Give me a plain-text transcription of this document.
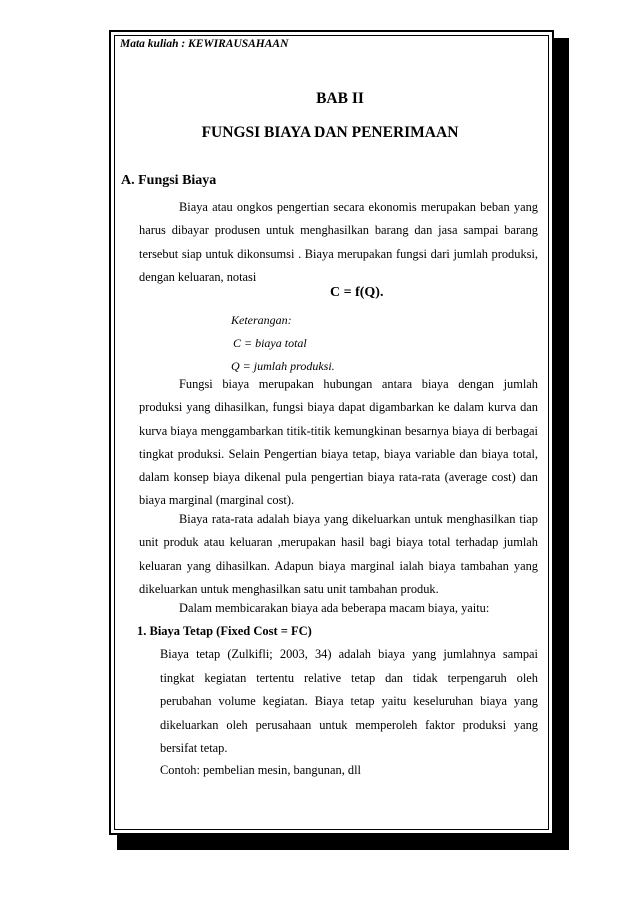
Mata kuliah : KEWIRAUSAHAAN
BAB II
FUNGSI BIAYA DAN PENERIMAAN
A. Fungsi Biaya

Biaya atau ongkos pengertian secara ekonomis merupakan beban yang harus dibayar produsen untuk menghasilkan barang dan jasa sampai barang tersebut siap untuk dikonsumsi . Biaya merupakan fungsi dari jumlah produksi, dengan keluaran, notasi

C = f(Q).
Keterangan:
C = biaya total
Q = jumlah produksi.

Fungsi biaya merupakan hubungan antara biaya dengan jumlah produksi yang dihasilkan, fungsi biaya dapat digambarkan ke dalam kurva dan kurva biaya menggambarkan titik-titik kemungkinan besarnya biaya di berbagai tingkat produksi. Selain Pengertian biaya tetap, biaya variable dan biaya total, dalam konsep biaya dikenal pula pengertian biaya rata-rata (average cost) dan biaya marginal (marginal cost).

Biaya rata-rata adalah biaya yang dikeluarkan untuk menghasilkan tiap unit produk atau keluaran ,merupakan hasil bagi biaya total terhadap jumlah keluaran yang dihasilkan. Adapun biaya marginal ialah biaya tambahan yang dikeluarkan untuk menghasilkan satu unit tambahan produk.

Dalam membicarakan biaya ada beberapa macam biaya, yaitu:

1. Biaya Tetap (Fixed Cost = FC)

Biaya tetap (Zulkifli; 2003, 34) adalah biaya yang jumlahnya sampai tingkat kegiatan tertentu relative tetap dan tidak terpengaruh oleh perubahan volume kegiatan. Biaya tetap yaitu keseluruhan biaya yang dikeluarkan oleh perusahaan untuk memperoleh faktor produksi yang bersifat tetap.

Contoh: pembelian mesin, bangunan, dll
